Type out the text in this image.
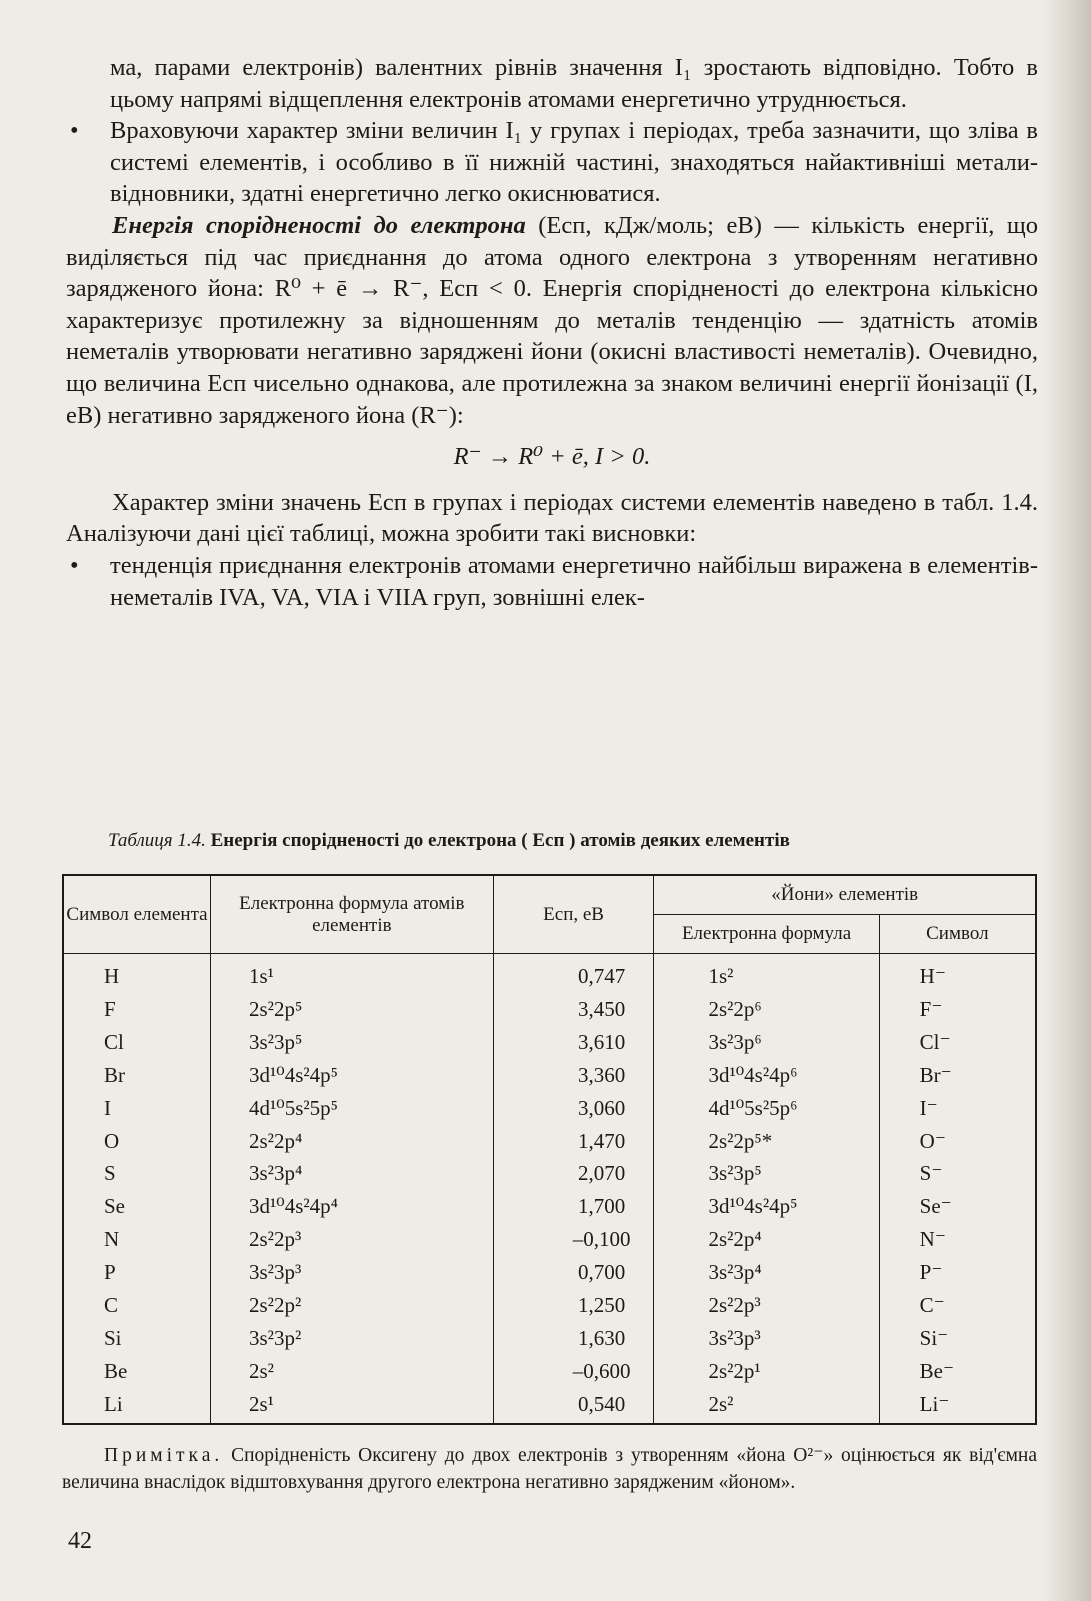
ма, парами електронів) валентних рівнів значення I₁ зростають відповідно. Тобто в цьому напрямі відщеплення електронів атомами енергетично утруднюється.

• Враховуючи характер зміни величин I₁ у групах і періодах, треба зазначити, що зліва в системі елементів, і особливо в її нижній частині, знаходяться найактивніші метали-відновники, здатні енергетично легко окиснюватися.

Енергія спорідненості до електрона (Eсп, кДж/моль; еВ) — кількість енергії, що виділяється під час приєднання до атома одного електрона з утворенням негативно зарядженого йона: R⁰ + ē → R⁻, Eсп < 0. Енергія спорідненості до електрона кількісно характеризує протилежну за відношенням до металів тенденцію — здатність атомів неметалів утворювати негативно заряджені йони (окисні властивості неметалів). Очевидно, що величина Eсп чисельно однакова, але протилежна за знаком величині енергії йонізації (I, еВ) негативно зарядженого йона (R⁻):

R⁻ → R⁰ + ē, I > 0.

Характер зміни значень Eсп в групах і періодах системи елементів наведено в табл. 1.4. Аналізуючи дані цієї таблиці, можна зробити такі висновки:

• тенденція приєднання електронів атомами енергетично найбільш виражена в елементів-неметалів IVA, VA, VIA і VIIA груп, зовнішні елек-

Таблиця 1.4. Енергія спорідненості до електрона ( Eсп ) атомів деяких елементів
Символ елемента	Електронна формула атомів елементів	Eсп, еВ	«Йони» елементів	
			Електронна формула	Символ
H	1s¹	0,747	1s²	H⁻
F	2s²2p⁵	3,450	2s²2p⁶	F⁻
Cl	3s²3p⁵	3,610	3s²3p⁶	Cl⁻
Br	3d¹⁰4s²4p⁵	3,360	3d¹⁰4s²4p⁶	Br⁻
I	4d¹⁰5s²5p⁵	3,060	4d¹⁰5s²5p⁶	I⁻
O	2s²2p⁴	1,470	2s²2p⁵*	O⁻
S	3s²3p⁴	2,070	3s²3p⁵	S⁻
Se	3d¹⁰4s²4p⁴	1,700	3d¹⁰4s²4p⁵	Se⁻
N	2s²2p³	–0,100	2s²2p⁴	N⁻
P	3s²3p³	0,700	3s²3p⁴	P⁻
C	2s²2p²	1,250	2s²2p³	C⁻
Si	3s²3p²	1,630	3s²3p³	Si⁻
Be	2s²	–0,600	2s²2p¹	Be⁻
Li	2s¹	0,540	2s²	Li⁻
Примітка. Спорідненість Оксигену до двох електронів з утворенням «йона O²⁻» оцінюється як від'ємна величина внаслідок відштовхування другого електрона негативно зарядженим «йоном».
42
